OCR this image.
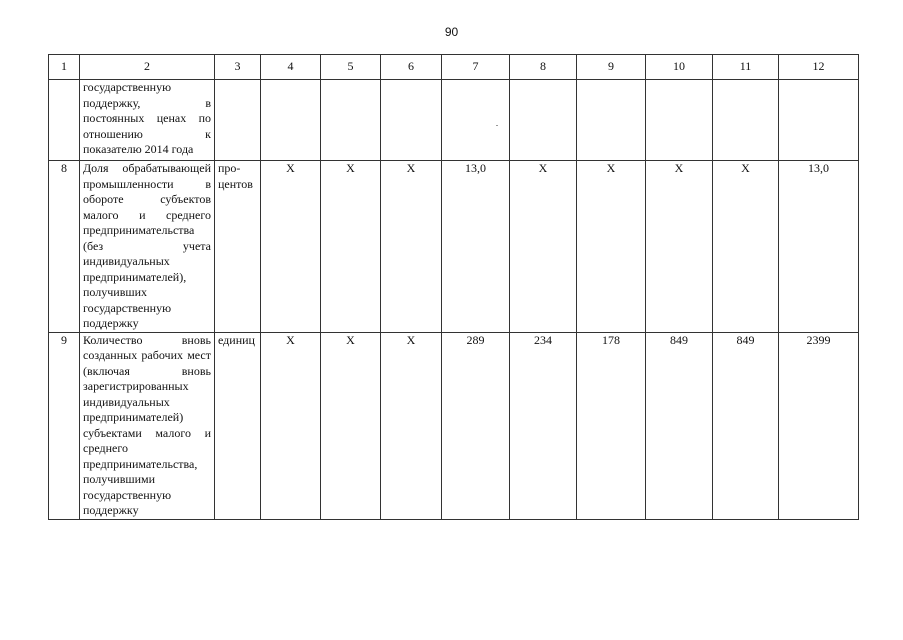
90
1	2	3	4	5	6	7	8	9	10	11	12
	государственную поддержку, в постоянных ценах по отношению к показателю 2014 года										
8	Доля обрабатывающей промышленности в обороте субъектов малого и среднего предпринимательства (без учета индивидуальных предпринимателей), получивших государственную поддержку	про-центов	Х	Х	Х	13,0	Х	Х	Х	Х	13,0
9	Количество вновь созданных рабочих мест (включая вновь зарегистрированных индивидуальных предпринимателей) субъектами малого и среднего предпринимательства, получившими государственную поддержку	единиц	Х	Х	Х	289	234	178	849	849	2399
